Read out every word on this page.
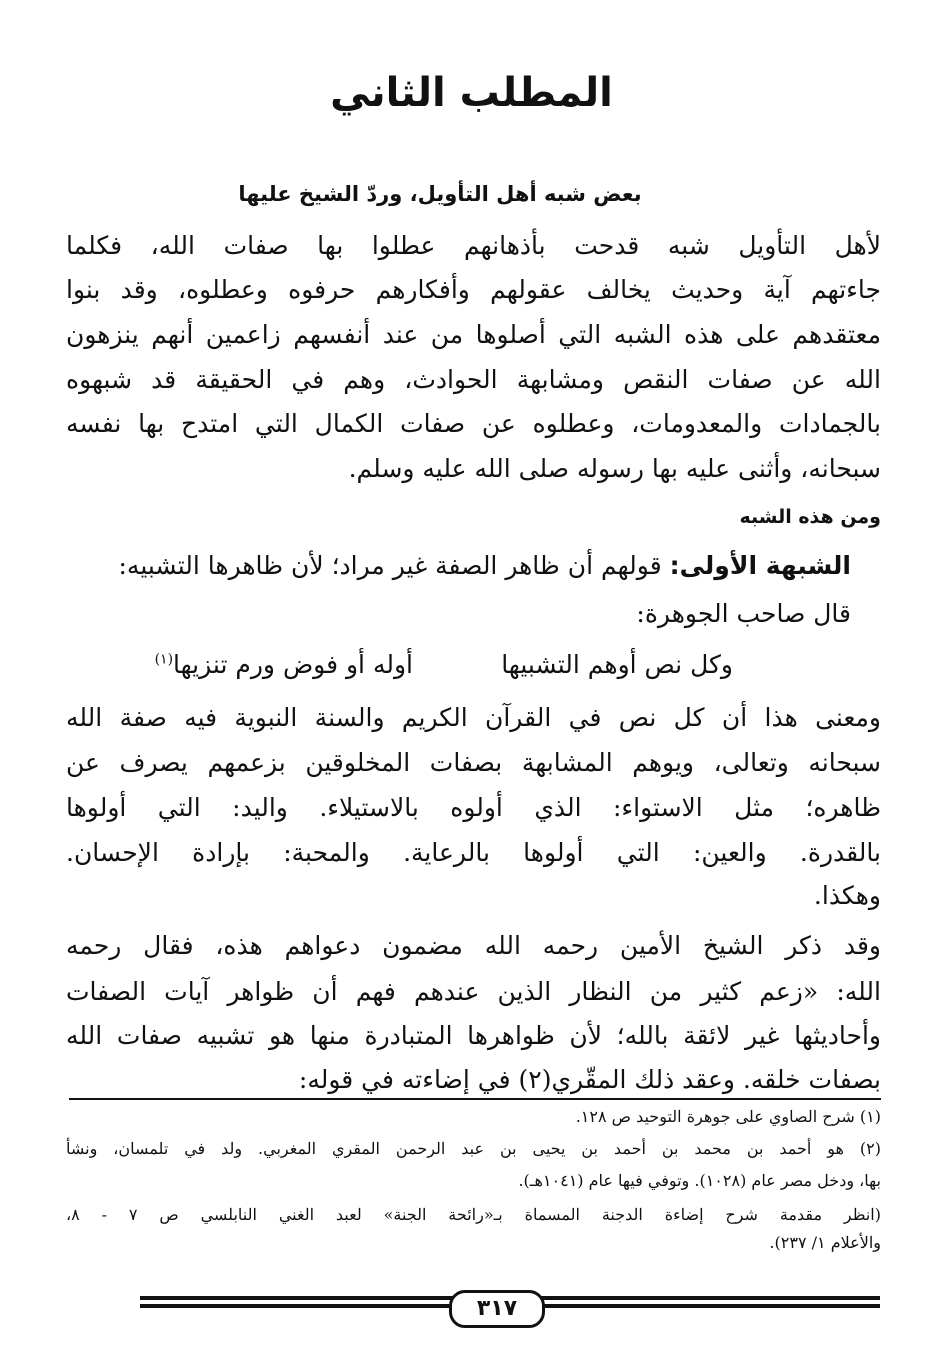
المطلب الثاني
بعض شبه أهل التأويل، وردّ الشيخ عليها
لأهل التأويل شبه قدحت بأذهانهم عطلوا بها صفات الله، فكلما
جاءتهم آية وحديث يخالف عقولهم وأفكارهم حرفوه وعطلوه، وقد بنوا
معتقدهم على هذه الشبه التي أصلوها من عند أنفسهم زاعمين أنهم ينزهون
الله عن صفات النقص ومشابهة الحوادث، وهم في الحقيقة قد شبهوه
بالجمادات والمعدومات، وعطلوه عن صفات الكمال التي امتدح بها نفسه
سبحانه، وأثنى عليه بها رسوله صلى الله عليه وسلم.
ومن هذه الشبه
الشبهة الأولى: قولهم أن ظاهر الصفة غير مراد؛ لأن ظاهرها التشبيه:
قال صاحب الجوهرة:
وكل نص أوهم التشبيها
أوله أو فوض ورم تنزيها$^{(١)}$
ومعنى هذا أن كل نص في القرآن الكريم والسنة النبوية فيه صفة الله
سبحانه وتعالى، ويوهم المشابهة بصفات المخلوقين بزعمهم يصرف عن
ظاهره؛ مثل الاستواء: الذي أولوه بالاستيلاء. واليد: التي أولوها
بالقدرة. والعين: التي أولوها بالرعاية. والمحبة: بإرادة الإحسان.
وهكذا.
وقد ذكر الشيخ الأمين رحمه الله مضمون دعواهم هذه، فقال رحمه
الله: «زعم كثير من النظار الذين عندهم فهم أن ظواهر آيات الصفات
وأحاديثها غير لائقة بالله؛ لأن ظواهرها المتبادرة منها هو تشبيه صفات الله
بصفات خلقه. وعقد ذلك المقّري(٢) في إضاءته في قوله:
(١) شرح الصاوي على جوهرة التوحيد ص ١٢٨.
(٢) هو أحمد بن محمد بن أحمد بن يحيى بن عبد الرحمن المقري المغربي. ولد في تلمسان، ونشأ
بها، ودخل مصر عام (١٠٢٨). وتوفي فيها عام (١٠٤١هـ).
(انظر مقدمة شرح إضاءة الدجنة المسماة بـ«رائحة الجنة» لعبد الغني النابلسي ص ٧ - ٨،
والأعلام ١/ ٢٣٧).
٣١٧
